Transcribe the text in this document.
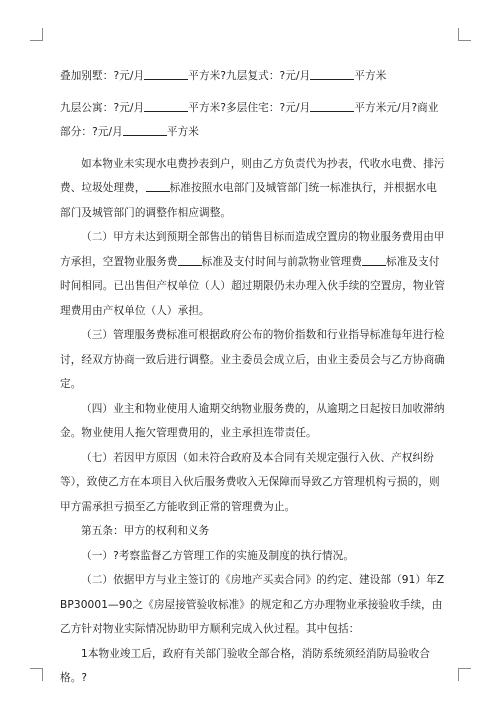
叠加别墅：?元/月	平方米?九层复式：?元/月	平方米

九层公寓：?元/月	平方米?多层住宅：?元/月	平方米元/月?商业部分：?元/月	平方米

如本物业未实现水电费抄表到户，则由乙方负责代为抄表，代收水电费、排污费、垃圾处理费， 标准按照水电部门及城管部门统一标准执行，并根据水电部门及城管部门的调整作相应调整。

（二）甲方未达到预期全部售出的销售目标而造成空置房的物业服务费用由甲方承担，空置物业服务费 标准及支付时间与前款物业管理费 标准及支付时间相同。已出售但产权单位（人）超过期限仍未办理入伙手续的空置房，物业管理费用由产权单位（人）承担。

（三）管理服务费标准可根据政府公布的物价指数和行业指导标准每年进行检讨，经双方协商一致后进行调整。业主委员会成立后，由业主委员会与乙方协商确定。

（四）业主和物业使用人逾期交纳物业服务费的，从逾期之日起按日加收滞纳金。物业使用人拖欠管理费用的，业主承担连带责任。

（七）若因甲方原因（如未符合政府及本合同有关规定强行入伙、产权纠纷等），致使乙方在本项目入伙后服务费收入无保障而导致乙方管理机构亏损的，则甲方需承担亏损至乙方能收到正常的管理费为止。

第五条：甲方的权利和义务

（一）?考察监督乙方管理工作的实施及制度的执行情况。

（二）依据甲方与业主签订的《房地产买卖合同》的约定、建设部（91）年ZBP30001—90之《房屋接管验收标准》的规定和乙方办理物业承接验收手续，由乙方针对物业实际情况协助甲方顺利完成入伙过程。其中包括：

1本物业竣工后，政府有关部门验收全部合格，消防系统须经消防局验收合格。?
